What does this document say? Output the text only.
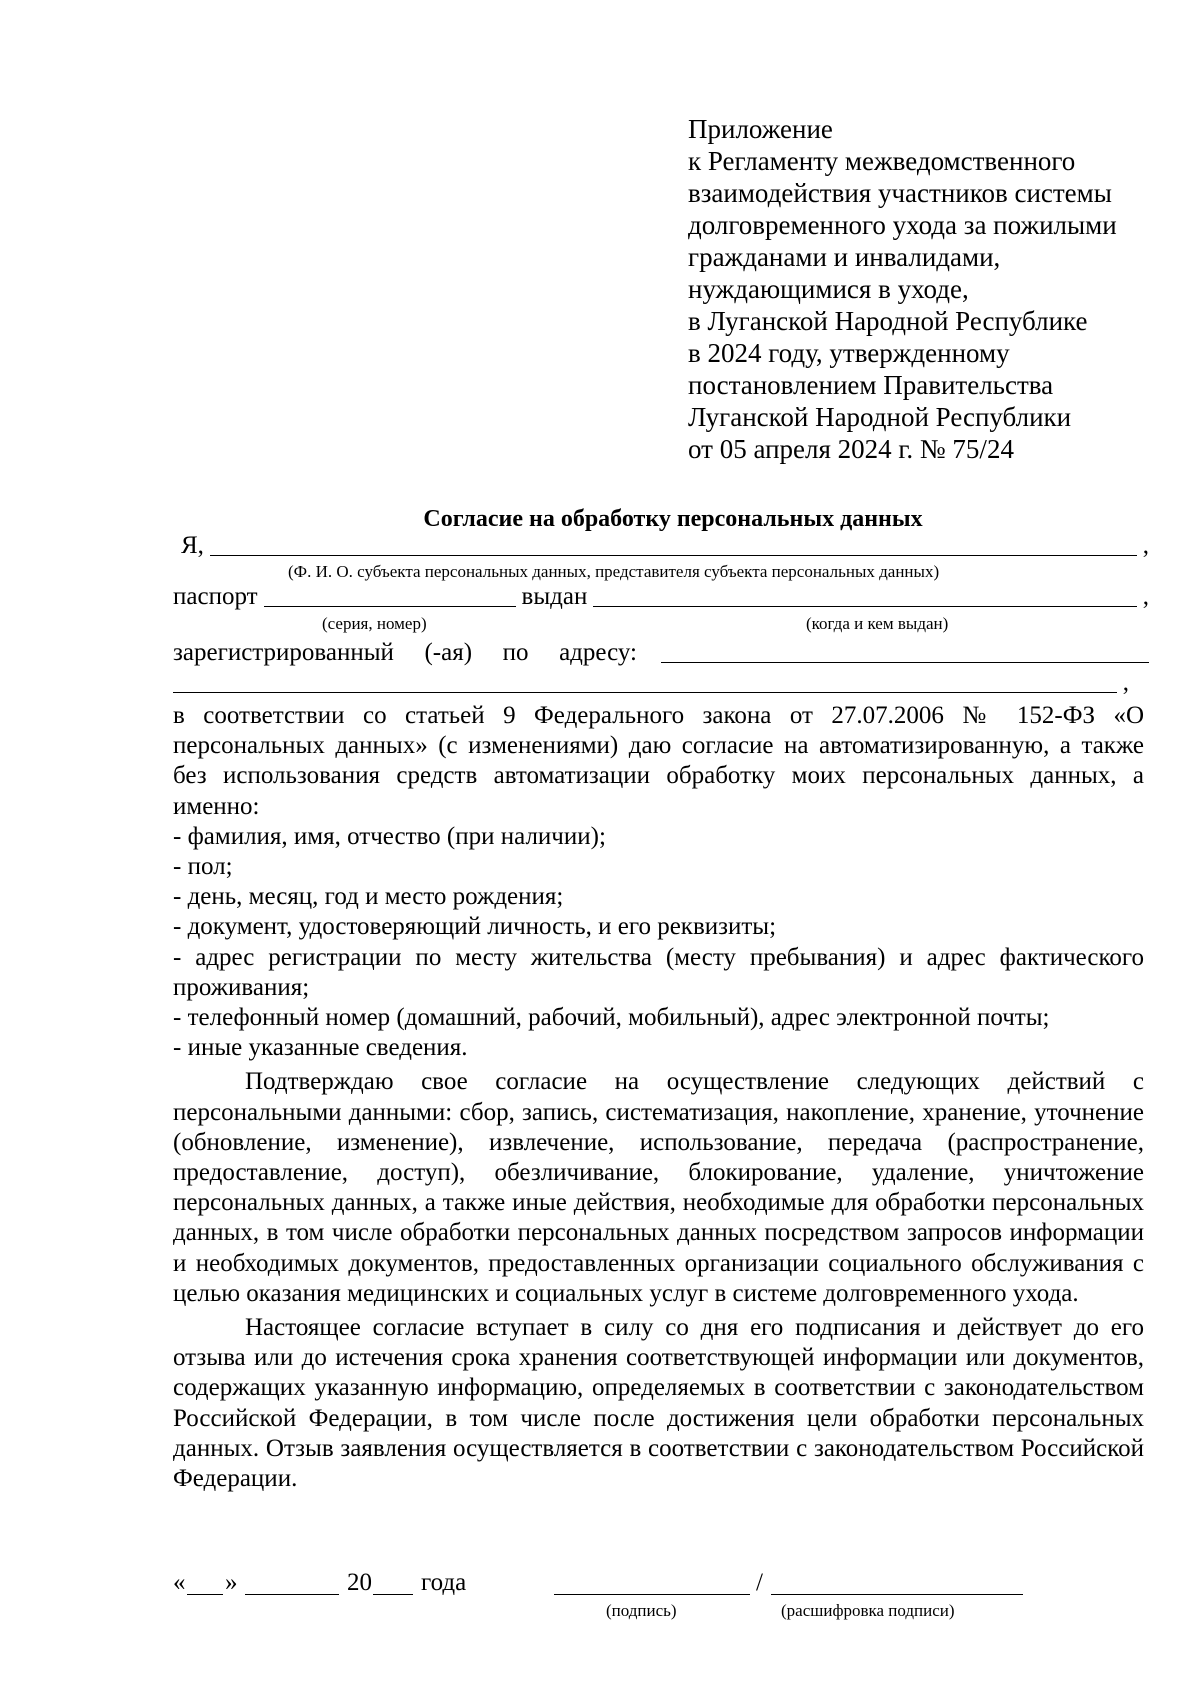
Приложение
к Регламенту межведомственного
взаимодействия участников системы
долговременного ухода за пожилыми
гражданами и инвалидами,
нуждающимися в уходе,
в Луганской Народной Республике
в 2024 году, утвержденному
постановлением Правительства
Луганской Народной Республики
от 05 апреля 2024 г. № 75/24
Согласие на обработку персональных данных
Я,	,
(Ф. И. О. субъекта персональных данных, представителя субъекта персональных данных)
паспорт	выдан	,
(серия, номер)	(когда и кем выдан)
зарегистрированный (-ая) по адресу:
,

в соответствии со статьей 9 Федерального закона от 27.07.2006 № 152-ФЗ «О персональных данных» (с изменениями) даю согласие на автоматизированную, а также без использования средств автоматизации обработку моих персональных данных, а именно:

- фамилия, имя, отчество (при наличии);

- пол;

- день, месяц, год и место рождения;

- документ, удостоверяющий личность, и его реквизиты;

- адрес регистрации по месту жительства (месту пребывания) и адрес фактического проживания;

- телефонный номер (домашний, рабочий, мобильный), адрес электронной почты;

- иные указанные сведения.

Подтверждаю свое согласие на осуществление следующих действий с персональными данными: сбор, запись, систематизация, накопление, хранение, уточнение (обновление, изменение), извлечение, использование, передача (распространение, предоставление, доступ), обезличивание, блокирование, удаление, уничтожение персональных данных, а также иные действия, необходимые для обработки персональных данных, в том числе обработки персональных данных посредством запросов информации и необходимых документов, предоставленных организации социального обслуживания с целью оказания медицинских и социальных услуг в системе долговременного ухода.

Настоящее согласие вступает в силу со дня его подписания и действует до его отзыва или до истечения срока хранения соответствующей информации или документов, содержащих указанную информацию, определяемых в соответствии с законодательством Российской Федерации, в том числе после достижения цели обработки персональных данных. Отзыв заявления осуществляется в соответствии с законодательством Российской Федерации.

« »	20 года	/
(подпись)	(расшифровка подписи)
